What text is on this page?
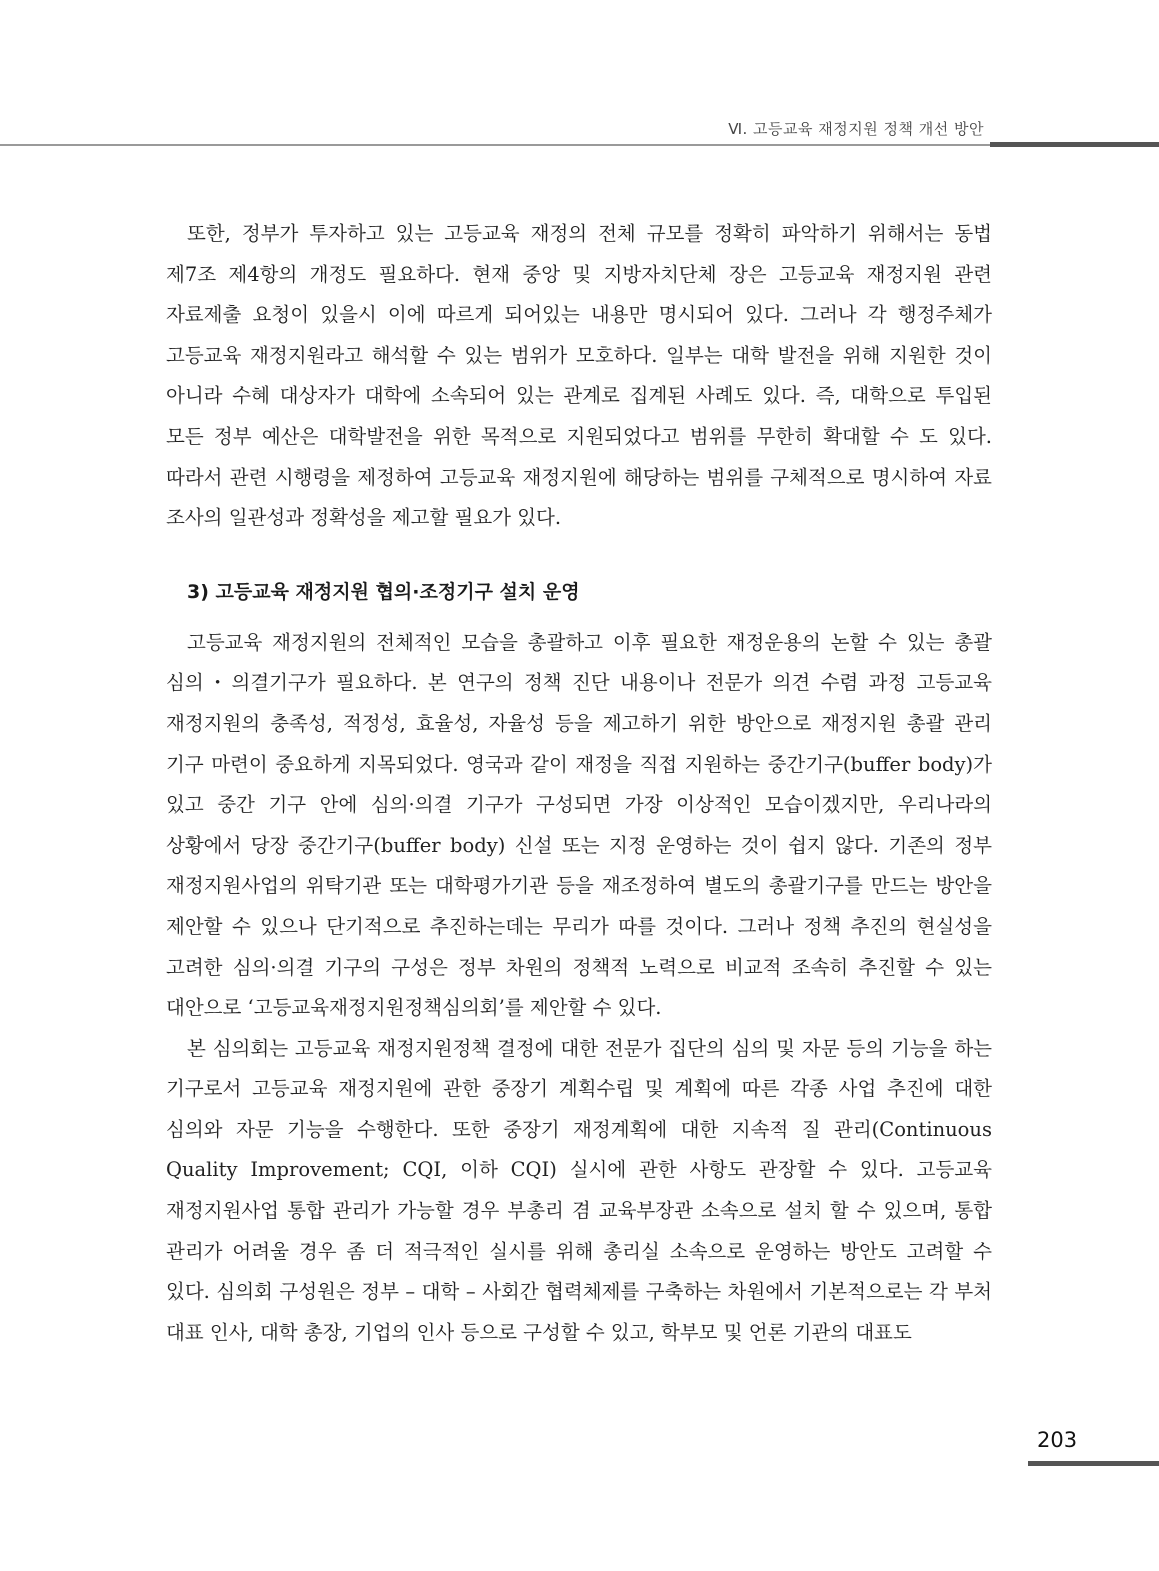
Ⅵ. 고등교육 재정지원 정책 개선 방안

또한, 정부가 투자하고 있는 고등교육 재정의 전체 규모를 정확히 파악하기 위해서는 동법 제7조 제4항의 개정도 필요하다. 현재 중앙 및 지방자치단체 장은 고등교육 재정지원 관련 자료제출 요청이 있을시 이에 따르게 되어있는 내용만 명시되어 있다. 그러나 각 행정주체가 고등교육 재정지원라고 해석할 수 있는 범위가 모호하다. 일부는 대학 발전을 위해 지원한 것이 아니라 수혜 대상자가 대학에 소속되어 있는 관계로 집계된 사례도 있다. 즉, 대학으로 투입된 모든 정부 예산은 대학발전을 위한 목적으로 지원되었다고 범위를 무한히 확대할 수 도 있다. 따라서 관련 시행령을 제정하여 고등교육 재정지원에 해당하는 범위를 구체적으로 명시하여 자료 조사의 일관성과 정확성을 제고할 필요가 있다.

3) 고등교육 재정지원 협의·조정기구 설치 운영

고등교육 재정지원의 전체적인 모습을 총괄하고 이후 필요한 재정운용의 논할 수 있는 총괄 심의・의결기구가 필요하다. 본 연구의 정책 진단 내용이나 전문가 의견 수렴 과정 고등교육 재정지원의 충족성, 적정성, 효율성, 자율성 등을 제고하기 위한 방안으로 재정지원 총괄 관리 기구 마련이 중요하게 지목되었다. 영국과 같이 재정을 직접 지원하는 중간기구(buffer body)가 있고 중간 기구 안에 심의·의결 기구가 구성되면 가장 이상적인 모습이겠지만, 우리나라의 상황에서 당장 중간기구(buffer body) 신설 또는 지정 운영하는 것이 쉽지 않다. 기존의 정부 재정지원사업의 위탁기관 또는 대학평가기관 등을 재조정하여 별도의 총괄기구를 만드는 방안을 제안할 수 있으나 단기적으로 추진하는데는 무리가 따를 것이다. 그러나 정책 추진의 현실성을 고려한 심의·의결 기구의 구성은 정부 차원의 정책적 노력으로 비교적 조속히 추진할 수 있는 대안으로 ‘고등교육재정지원정책심의회’를 제안할 수 있다.

본 심의회는 고등교육 재정지원정책 결정에 대한 전문가 집단의 심의 및 자문 등의 기능을 하는 기구로서 고등교육 재정지원에 관한 중장기 계획수립 및 계획에 따른 각종 사업 추진에 대한 심의와 자문 기능을 수행한다. 또한 중장기 재정계획에 대한 지속적 질 관리(Continuous Quality Improvement; CQI, 이하 CQI) 실시에 관한 사항도 관장할 수 있다. 고등교육 재정지원사업 통합 관리가 가능할 경우 부총리 겸 교육부장관 소속으로 설치 할 수 있으며, 통합 관리가 어려울 경우 좀 더 적극적인 실시를 위해 총리실 소속으로 운영하는 방안도 고려할 수 있다. 심의회 구성원은 정부 – 대학 – 사회간 협력체제를 구축하는 차원에서 기본적으로는 각 부처 대표 인사, 대학 총장, 기업의 인사 등으로 구성할 수 있고, 학부모 및 언론 기관의 대표도

203
